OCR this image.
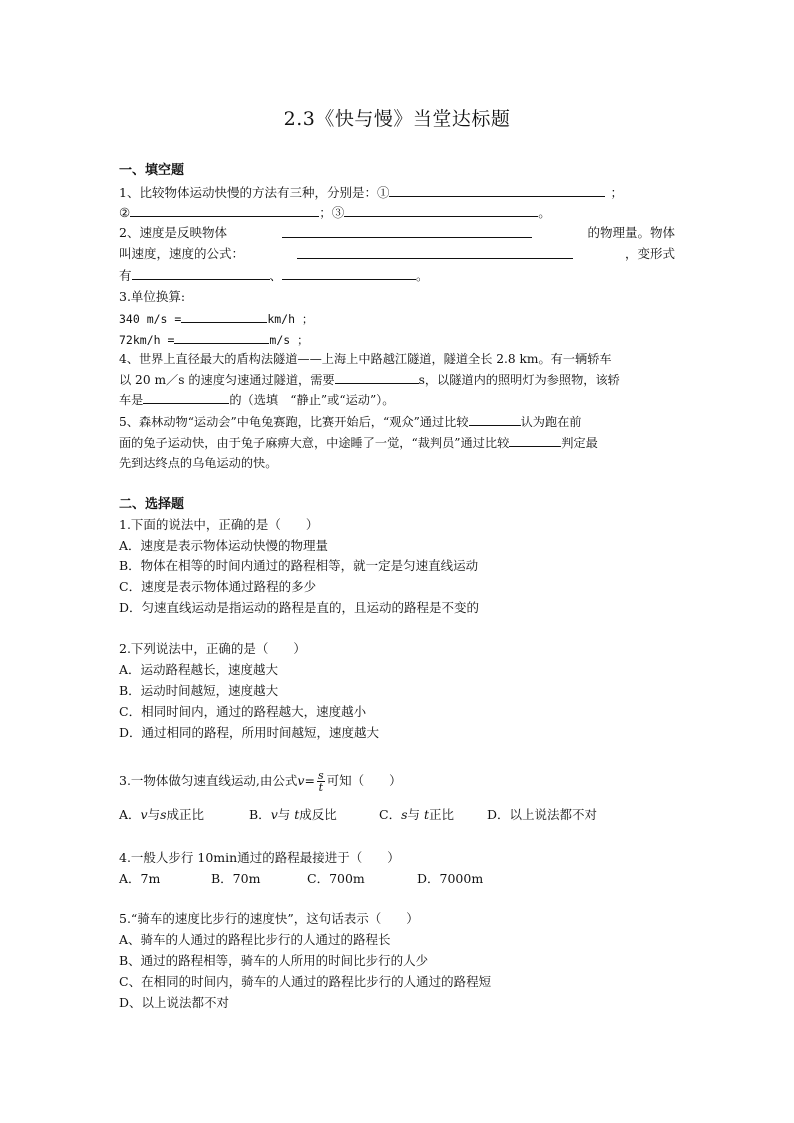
2.3《快与慢》当堂达标题
一、填空题
1、比较物体运动快慢的方法有三种，分别是：①	；
②	；③	。
2、速度是反映物体	的物理量。物体
叫速度，速度的公式：	，变形式
有	、	。
3.单位换算:
340 m/s =	km/h ；
72km/h =	m/s ；
4、世界上直径最大的盾构法隧道——上海上中路越江隧道，隧道全长 2.8 km。有一辆轿车
以 20 m／s 的速度匀速通过隧道，需要	s，以隧道内的照明灯为参照物，该轿
车是	的（选填　“静止”或“运动”）。
5、森林动物“运动会”中龟兔赛跑，比赛开始后，“观众”通过比较	认为跑在前
面的兔子运动快，由于兔子麻痹大意，中途睡了一觉，“裁判员”通过比较	判定最
先到达终点的乌龟运动的快。
二、选择题
1.下面的说法中，正确的是（　　）
A．速度是表示物体运动快慢的物理量
B．物体在相等的时间内通过的路程相等，就一定是匀速直线运动
C．速度是表示物体通过路程的多少
D．匀速直线运动是指运动的路程是直的，且运动的路程是不变的
2.下列说法中，正确的是（　　）
A．运动路程越长，速度越大
B．运动时间越短，速度越大
C．相同时间内，通过的路程越大，速度越小
D．通过相同的路程，所用时间越短，速度越大
3.一物体做匀速直线运动,由公式$v= \frac{s}{t}$ 可知（　　）
A．v与s成正比	B．v与 t成反比	C．s与 t正比	D．以上说法都不对
4.一般人步行 10min通过的路程最接进于（　　）
A．7m	B．70m	C．700m	D．7000m
5.“骑车的速度比步行的速度快”，这句话表示（　　）
A、骑车的人通过的路程比步行的人通过的路程长
B、通过的路程相等，骑车的人所用的时间比步行的人少
C、在相同的时间内，骑车的人通过的路程比步行的人通过的路程短
D、以上说法都不对
